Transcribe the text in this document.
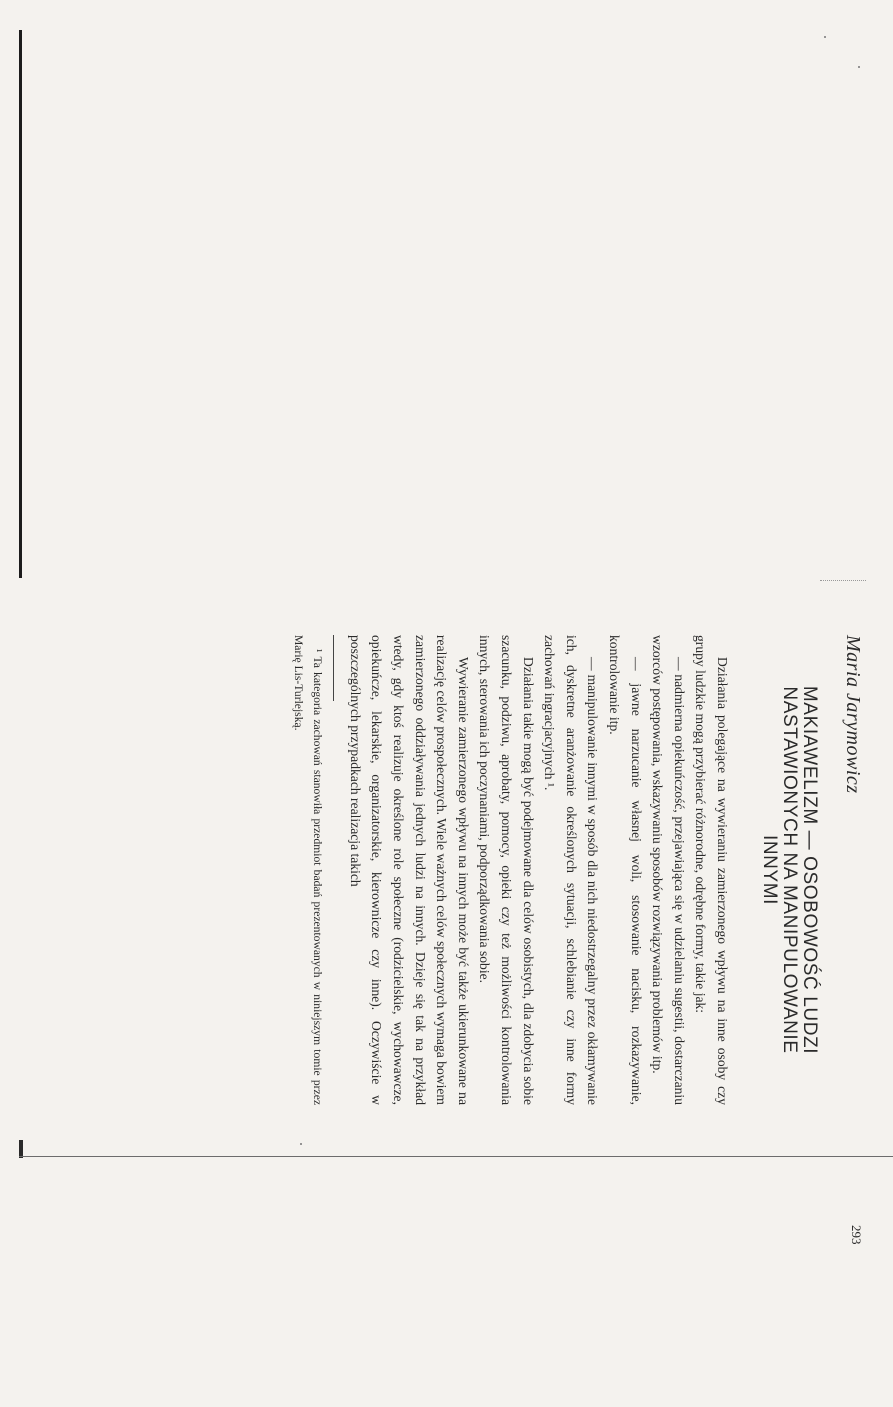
Maria Jarymowicz
MAKIAWELIZM — OSOBOWOŚĆ LUDZI
NASTAWIONYCH NA MANIPULOWANIE
INNYMI

Działania polegające na wywieraniu zamierzonego wpływu na inne osoby czy grupy ludzkie mogą przybierać różnorodne, odrębne formy, takie jak:

— nadmierna opiekuńczość, przejawiająca się w udzielaniu sugestii, dostarczaniu wzorców postępowania, wskazywaniu sposobów rozwiązywania problemów itp.

— jawne narzucanie własnej woli, stosowanie nacisku, rozkazywanie, kontrolowanie itp.

— manipulowanie innymi w sposób dla nich niedostrzegalny przez okłamywanie ich, dyskretne aranżowanie określonych sytuacji, schlebianie czy inne formy zachowań ingracjacyjnych ¹.

Działania takie mogą być podejmowane dla celów osobistych, dla zdobycia sobie szacunku, podziwu, aprobaty, pomocy, opieki czy też możliwości kontrolowania innych, sterowania ich poczynaniami, podporządkowania sobie.

Wywieranie zamierzonego wpływu na innych może być także ukierunkowane na realizację celów prospołecznych. Wiele ważnych celów społecznych wymaga bowiem zamierzonego oddziaływania jednych ludzi na innych. Dzieje się tak na przykład wtedy, gdy ktoś realizuje określone role społeczne (rodzicielskie, wychowawcze, opiekuńcze, lekarskie, organizatorskie, kierownicze czy inne). Oczywiście w poszczególnych przypadkach realizacja takich

¹ Ta kategoria zachowań stanowiła przedmiot badań prezentowanych w niniejszym tomie przez Marię Lis-Turlejską.

293
